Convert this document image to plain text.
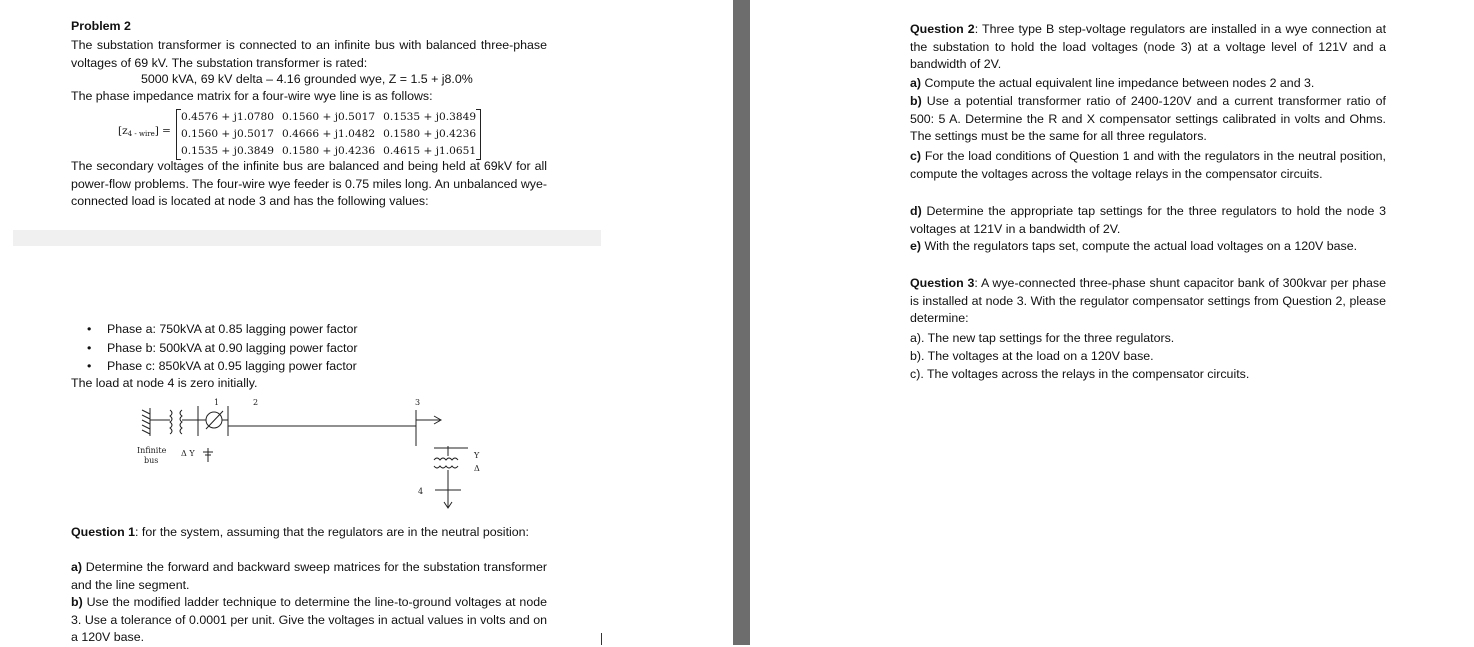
Problem 2
The substation transformer is connected to an infinite bus with balanced three-phase voltages of 69 kV. The substation transformer is rated:
5000 kVA, 69 kV delta – 4.16 grounded wye, Z = 1.5 + j8.0%
The phase impedance matrix for a four-wire wye line is as follows:
$[z_{4 - wire}]$ =
0.4576 + j1.0780 0.1560 + j0.5017 0.1535 + j0.3849
0.1560 + j0.5017 0.4666 + j1.0482 0.1580 + j0.4236
0.1535 + j0.3849 0.1580 + j0.4236 0.4615 + j1.0651
The secondary voltages of the infinite bus are balanced and being held at 69kV for all power-flow problems. The four-wire wye feeder is 0.75 miles long. An unbalanced wye-connected load is located at node 3 and has the following values:
• Phase a: 750kVA at 0.85 lagging power factor
• Phase b: 500kVA at 0.90 lagging power factor
• Phase c: 850kVA at 0.95 lagging power factor
The load at node 4 is zero initially.
Infinite
bus
Δ Y
1	2	3
Y
Δ
4
Question 1: for the system, assuming that the regulators are in the neutral position:
a) Determine the forward and backward sweep matrices for the substation transformer and the line segment.
b) Use the modified ladder technique to determine the line-to-ground voltages at node 3. Use a tolerance of 0.0001 per unit. Give the voltages in actual values in volts and on a 120V base.
Question 2: Three type B step-voltage regulators are installed in a wye connection at the substation to hold the load voltages (node 3) at a voltage level of 121V and a bandwidth of 2V.
a) Compute the actual equivalent line impedance between nodes 2 and 3.
b) Use a potential transformer ratio of 2400-120V and a current transformer ratio of 500: 5 A. Determine the R and X compensator settings calibrated in volts and Ohms. The settings must be the same for all three regulators.
c) For the load conditions of Question 1 and with the regulators in the neutral position, compute the voltages across the voltage relays in the compensator circuits.
d) Determine the appropriate tap settings for the three regulators to hold the node 3 voltages at 121V in a bandwidth of 2V.
e) With the regulators taps set, compute the actual load voltages on a 120V base.
Question 3: A wye-connected three-phase shunt capacitor bank of 300kvar per phase is installed at node 3. With the regulator compensator settings from Question 2, please determine:
a). The new tap settings for the three regulators.
b). The voltages at the load on a 120V base.
c). The voltages across the relays in the compensator circuits.
